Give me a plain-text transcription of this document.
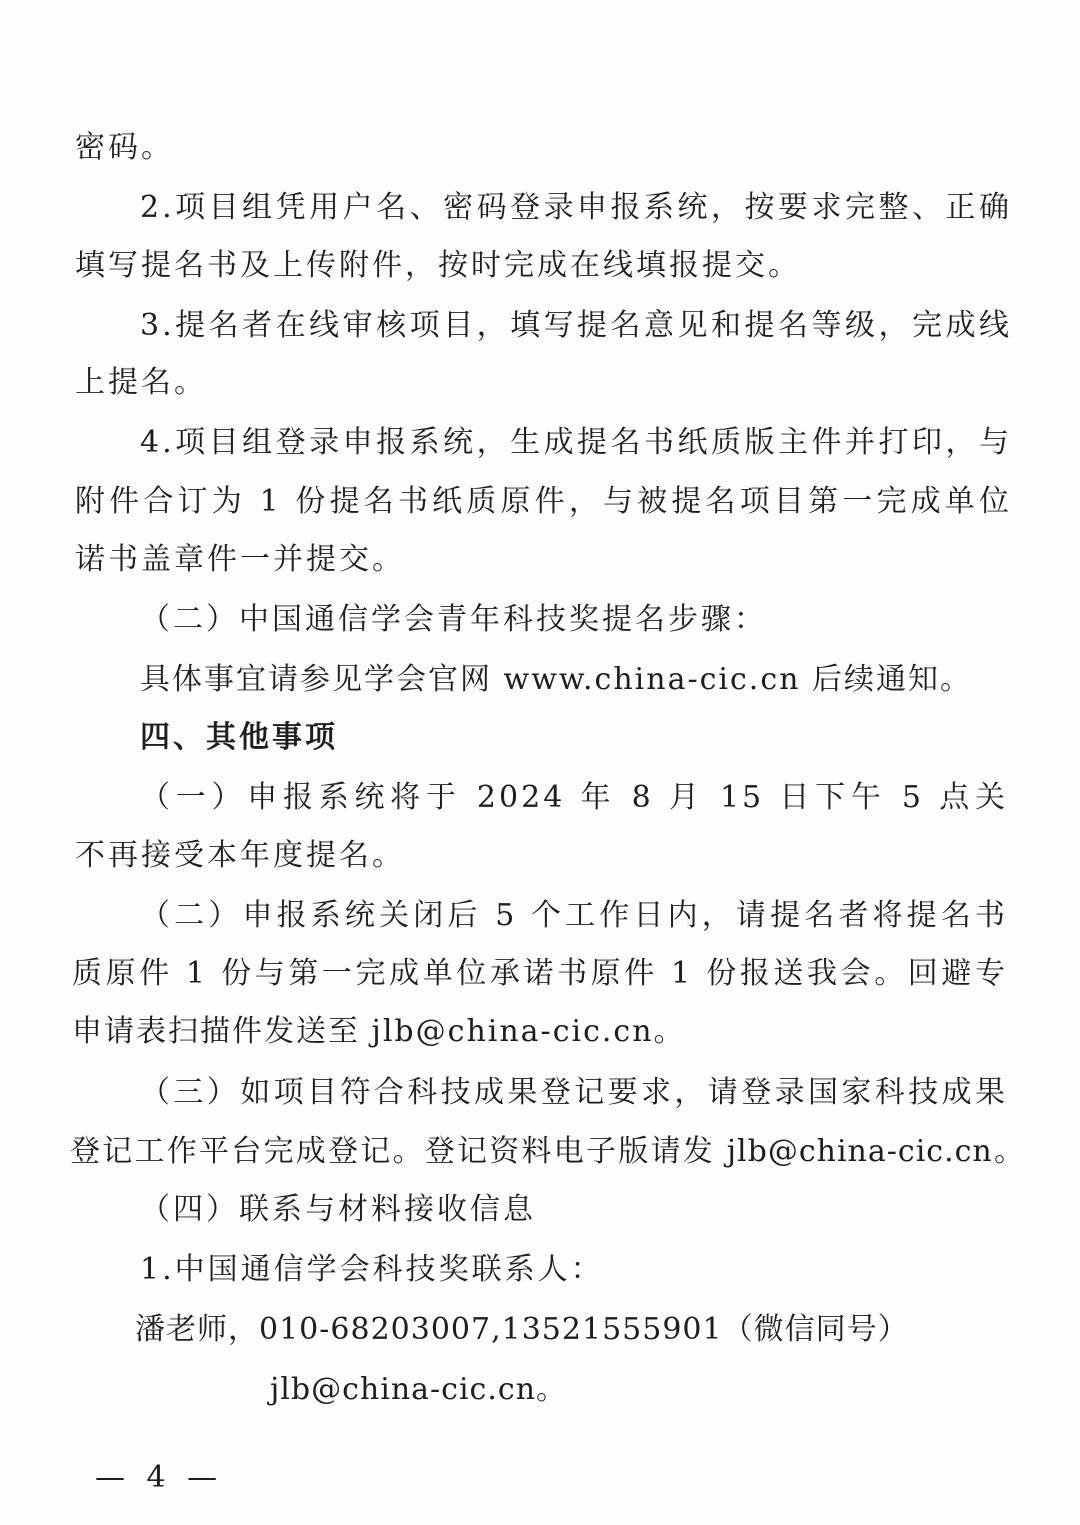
密码。
2.项目组凭用户名、密码登录申报系统，按要求完整、正确
填写提名书及上传附件，按时完成在线填报提交。
3.提名者在线审核项目，填写提名意见和提名等级，完成线
上提名。
4.项目组登录申报系统，生成提名书纸质版主件并打印，与
附件合订为 1 份提名书纸质原件，与被提名项目第一完成单位
诺书盖章件一并提交。
（二）中国通信学会青年科技奖提名步骤：
具体事宜请参见学会官网 www.china-cic.cn 后续通知。
四、其他事项
（一）申报系统将于 2024 年 8 月 15 日下午 5 点关
不再接受本年度提名。
（二）申报系统关闭后 5 个工作日内，请提名者将提名书
质原件 1 份与第一完成单位承诺书原件 1 份报送我会。回避专
申请表扫描件发送至 jlb@china-cic.cn。
（三）如项目符合科技成果登记要求，请登录国家科技成果
登记工作平台完成登记。登记资料电子版请发 jlb@china-cic.cn。
（四）联系与材料接收信息
1.中国通信学会科技奖联系人：
潘老师，010-68203007,13521555901（微信同号）
jlb@china-cic.cn。
— 4 —
